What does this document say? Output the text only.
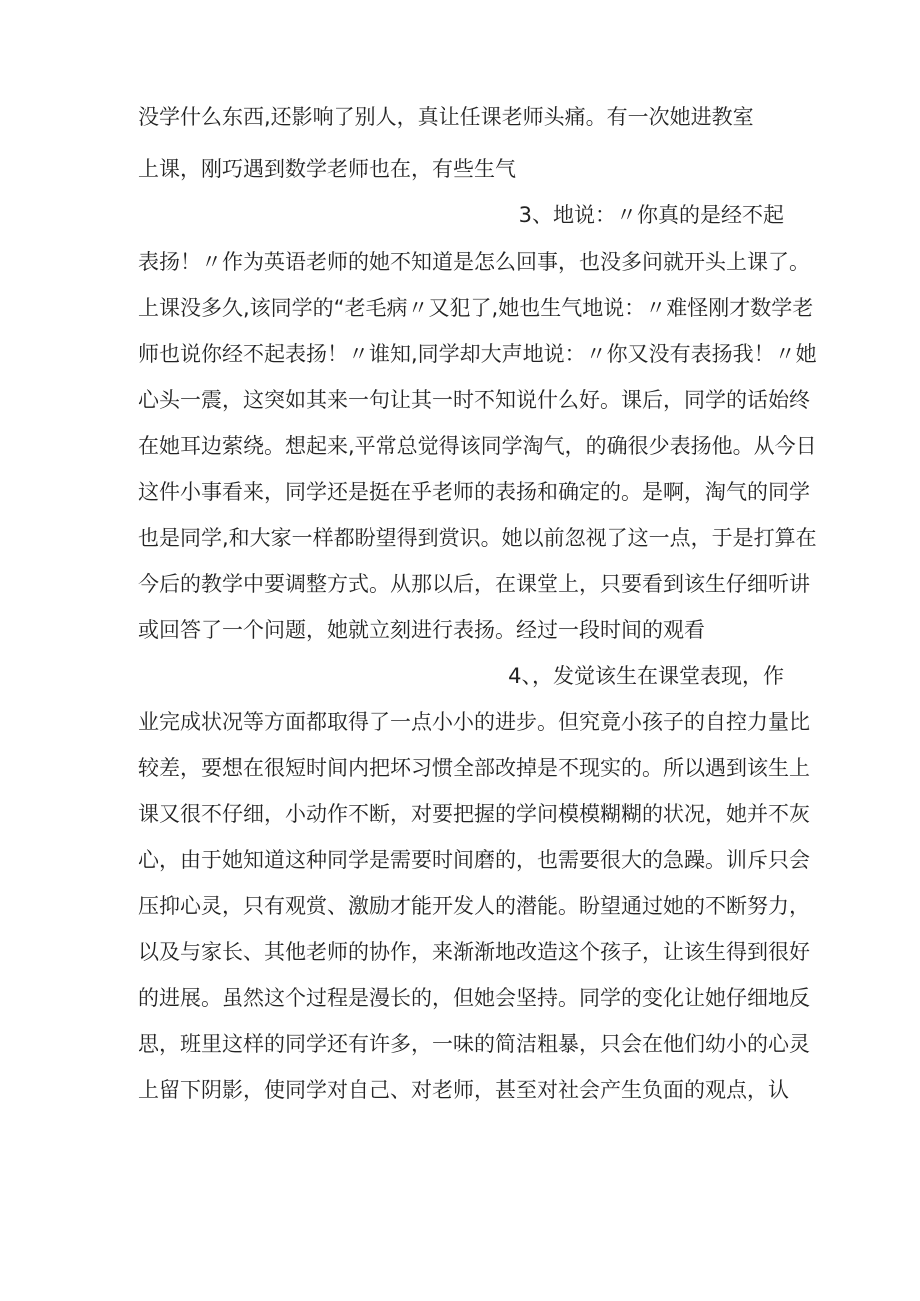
没学什么东西,还影响了别人，真让任课老师头痛。有一次她进教室
上课，刚巧遇到数学老师也在，有些生气
3、地说：〃你真的是经不起
表扬！〃作为英语老师的她不知道是怎么回事，也没多问就开头上课了。
上课没多久,该同学的“老毛病〃又犯了,她也生气地说：〃难怪刚才数学老
师也说你经不起表扬！〃谁知,同学却大声地说：〃你又没有表扬我！〃她
心头一震，这突如其来一句让其一时不知说什么好。课后，同学的话始终
在她耳边萦绕。想起来,平常总觉得该同学淘气，的确很少表扬他。从今日
这件小事看来，同学还是挺在乎老师的表扬和确定的。是啊，淘气的同学
也是同学,和大家一样都盼望得到赏识。她以前忽视了这一点，于是打算在
今后的教学中要调整方式。从那以后，在课堂上，只要看到该生仔细听讲
或回答了一个问题，她就立刻进行表扬。经过一段时间的观看
4、，发觉该生在课堂表现，作
业完成状况等方面都取得了一点小小的进步。但究竟小孩子的自控力量比
较差，要想在很短时间内把坏习惯全部改掉是不现实的。所以遇到该生上
课又很不仔细，小动作不断，对要把握的学问模模糊糊的状况，她并不灰
心，由于她知道这种同学是需要时间磨的，也需要很大的急躁。训斥只会
压抑心灵，只有观赏、激励才能开发人的潜能。盼望通过她的不断努力，
以及与家长、其他老师的协作，来渐渐地改造这个孩子，让该生得到很好
的进展。虽然这个过程是漫长的，但她会坚持。同学的变化让她仔细地反
思，班里这样的同学还有许多，一味的简洁粗暴，只会在他们幼小的心灵
上留下阴影，使同学对自己、对老师，甚至对社会产生负面的观点，认
